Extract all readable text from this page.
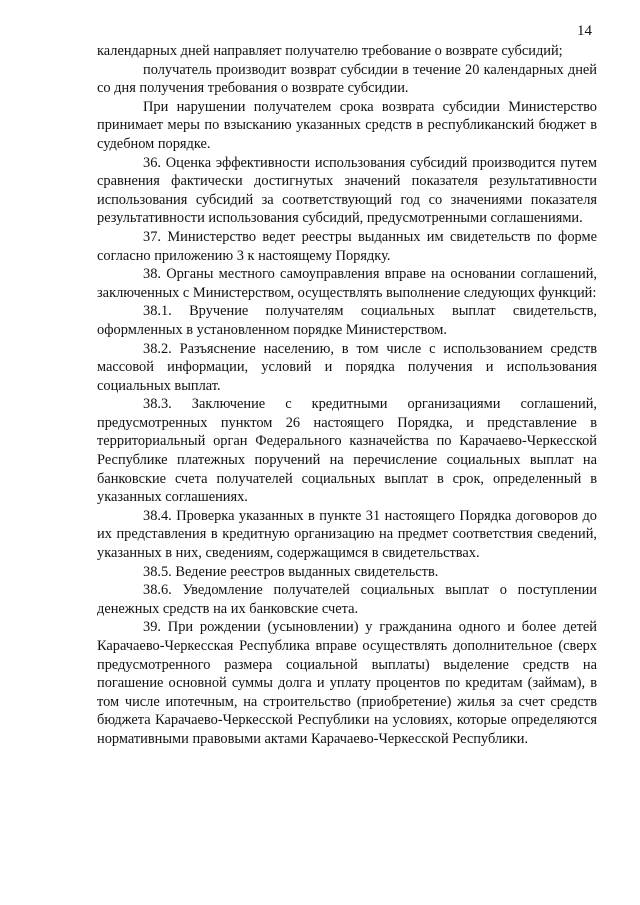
14

календарных дней направляет получателю требование о возврате субсидий;

получатель производит возврат субсидии в течение 20 календарных дней со дня получения требования о возврате субсидии.

При нарушении получателем срока возврата субсидии Министерство принимает меры по взысканию указанных средств в республиканский бюджет в судебном порядке.

36. Оценка эффективности использования субсидий производится путем сравнения фактически достигнутых значений показателя результативности использования субсидий за соответствующий год со значениями показателя результативности использования субсидий, предусмотренными соглашениями.

37. Министерство ведет реестры выданных им свидетельств по форме согласно приложению 3 к настоящему Порядку.

38. Органы местного самоуправления вправе на основании соглашений, заключенных с Министерством, осуществлять выполнение следующих функций:

38.1. Вручение получателям социальных выплат свидетельств, оформленных в установленном порядке Министерством.

38.2. Разъяснение населению, в том числе с использованием средств массовой информации, условий и порядка получения и использования социальных выплат.

38.3. Заключение с кредитными организациями соглашений, предусмотренных пунктом 26 настоящего Порядка, и представление в территориальный орган Федерального казначейства по Карачаево-Черкесской Республике платежных поручений на перечисление социальных выплат на банковские счета получателей социальных выплат в срок, определенный в указанных соглашениях.

38.4. Проверка указанных в пункте 31 настоящего Порядка договоров до их представления в кредитную организацию на предмет соответствия сведений, указанных в них, сведениям, содержащимся в свидетельствах.

38.5. Ведение реестров выданных свидетельств.

38.6. Уведомление получателей социальных выплат о поступлении денежных средств на их банковские счета.

39. При рождении (усыновлении) у гражданина одного и более детей Карачаево-Черкесская Республика вправе осуществлять дополнительное (сверх предусмотренного размера социальной выплаты) выделение средств на погашение основной суммы долга и уплату процентов по кредитам (займам), в том числе ипотечным, на строительство (приобретение) жилья за счет средств бюджета Карачаево-Черкесской Республики на условиях, которые определяются нормативными правовыми актами Карачаево-Черкесской Республики.
